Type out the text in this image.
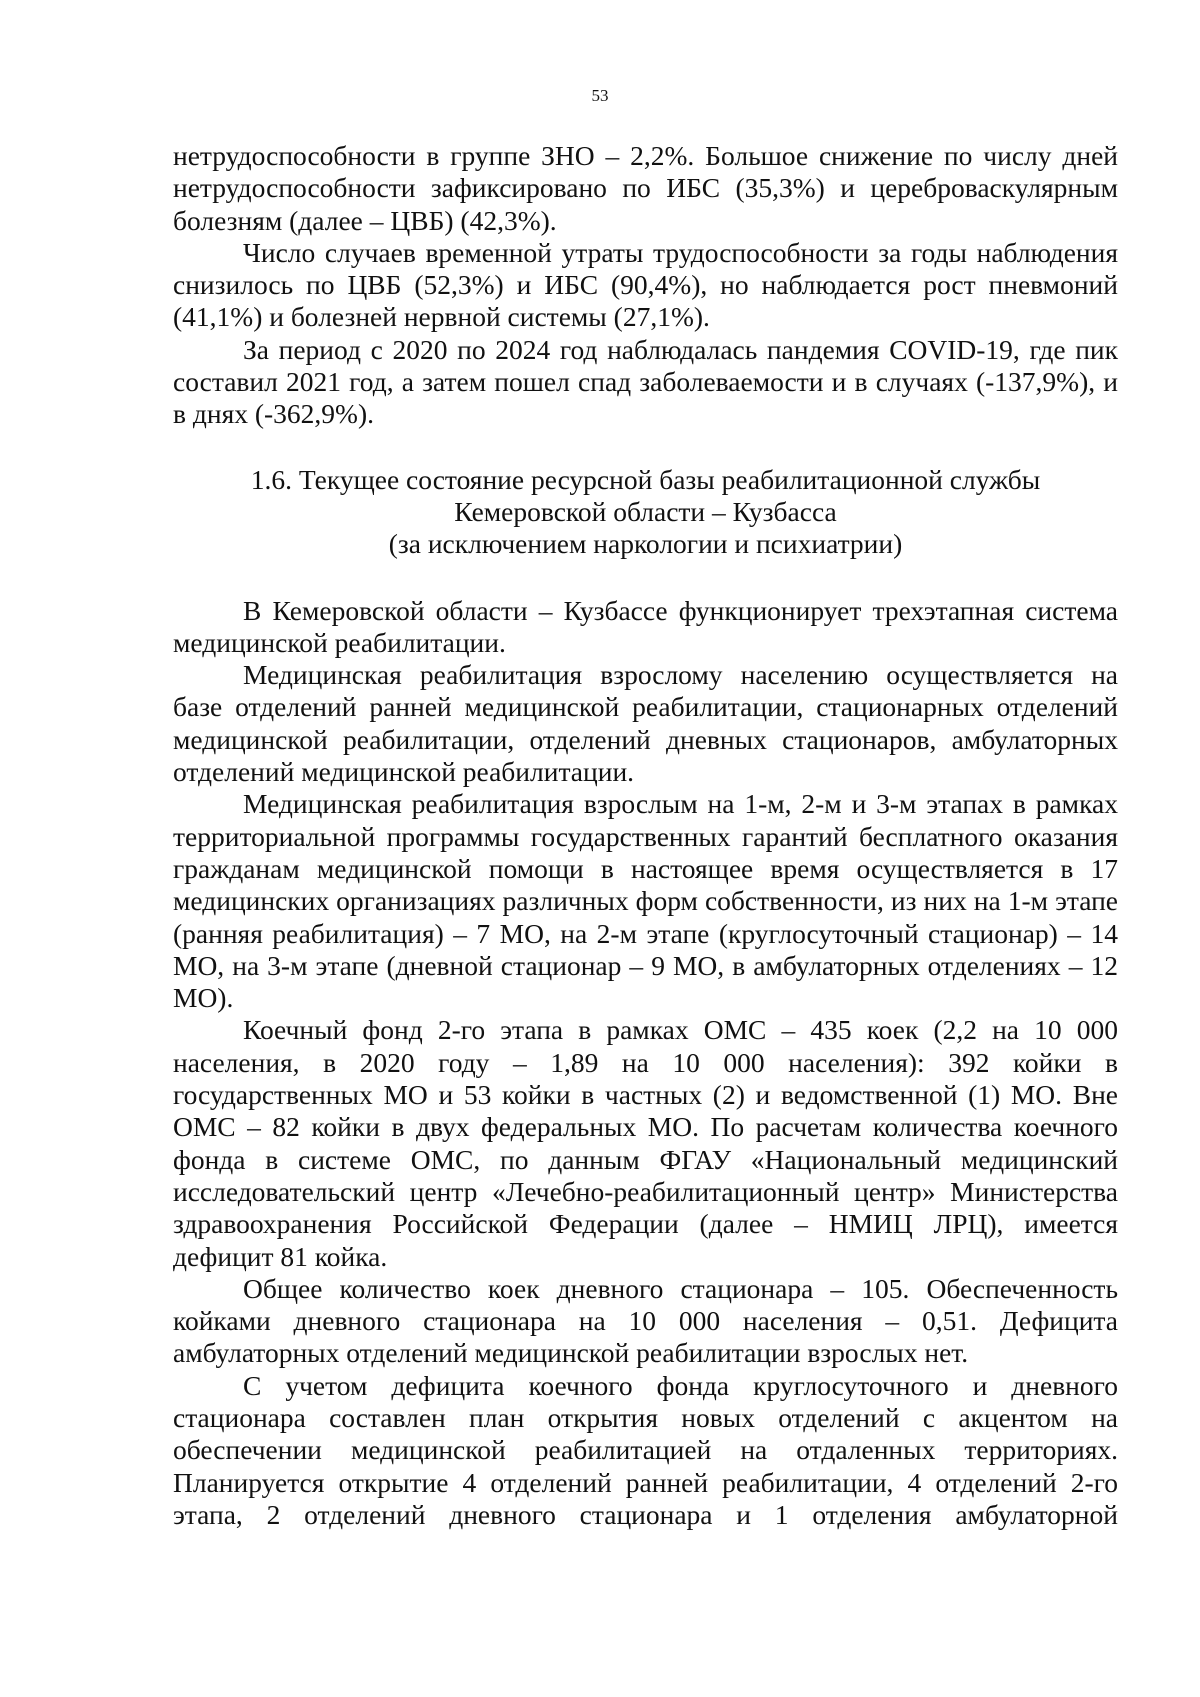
53

нетрудоспособности в группе ЗНО – 2,2%. Большое снижение по числу дней нетрудоспособности зафиксировано по ИБС (35,3%) и цереброваскулярным болезням (далее – ЦВБ) (42,3%).

Число случаев временной утраты трудоспособности за годы наблюдения снизилось по ЦВБ (52,3%) и ИБС (90,4%), но наблюдается рост пневмоний (41,1%) и болезней нервной системы (27,1%).

За период с 2020 по 2024 год наблюдалась пандемия COVID-19, где пик составил 2021 год, а затем пошел спад заболеваемости и в случаях (-137,9%), и в днях (-362,9%).

1.6. Текущее состояние ресурсной базы реабилитационной службы
Кемеровской области – Кузбасса
(за исключением наркологии и психиатрии)

В Кемеровской области – Кузбассе функционирует трехэтапная система медицинской реабилитации.

Медицинская реабилитация взрослому населению осуществляется на базе отделений ранней медицинской реабилитации, стационарных отделений медицинской реабилитации, отделений дневных стационаров, амбулаторных отделений медицинской реабилитации.

Медицинская реабилитация взрослым на 1-м, 2-м и 3-м этапах в рамках территориальной программы государственных гарантий бесплатного оказания гражданам медицинской помощи в настоящее время осуществляется в 17 медицинских организациях различных форм собственности, из них на 1-м этапе (ранняя реабилитация) – 7 МО, на 2-м этапе (круглосуточный стационар) – 14 МО, на 3-м этапе (дневной стационар – 9 МО, в амбулаторных отделениях – 12 МО).

Коечный фонд 2-го этапа в рамках ОМС – 435 коек (2,2 на 10 000 населения, в 2020 году – 1,89 на 10 000 населения): 392 койки в государственных МО и 53 койки в частных (2) и ведомственной (1) МО. Вне ОМС – 82 койки в двух федеральных МО. По расчетам количества коечного фонда в системе ОМС, по данным ФГАУ «Национальный медицинский исследовательский центр «Лечебно-реабилитационный центр» Министерства здравоохранения Российской Федерации (далее – НМИЦ ЛРЦ), имеется дефицит 81 койка.

Общее количество коек дневного стационара – 105. Обеспеченность койками дневного стационара на 10 000 населения – 0,51. Дефицита амбулаторных отделений медицинской реабилитации взрослых нет.

С учетом дефицита коечного фонда круглосуточного и дневного стационара составлен план открытия новых отделений с акцентом на обеспечении медицинской реабилитацией на отдаленных территориях. Планируется открытие 4 отделений ранней реабилитации, 4 отделений 2-го этапа, 2 отделений дневного стационара и 1 отделения амбулаторной
